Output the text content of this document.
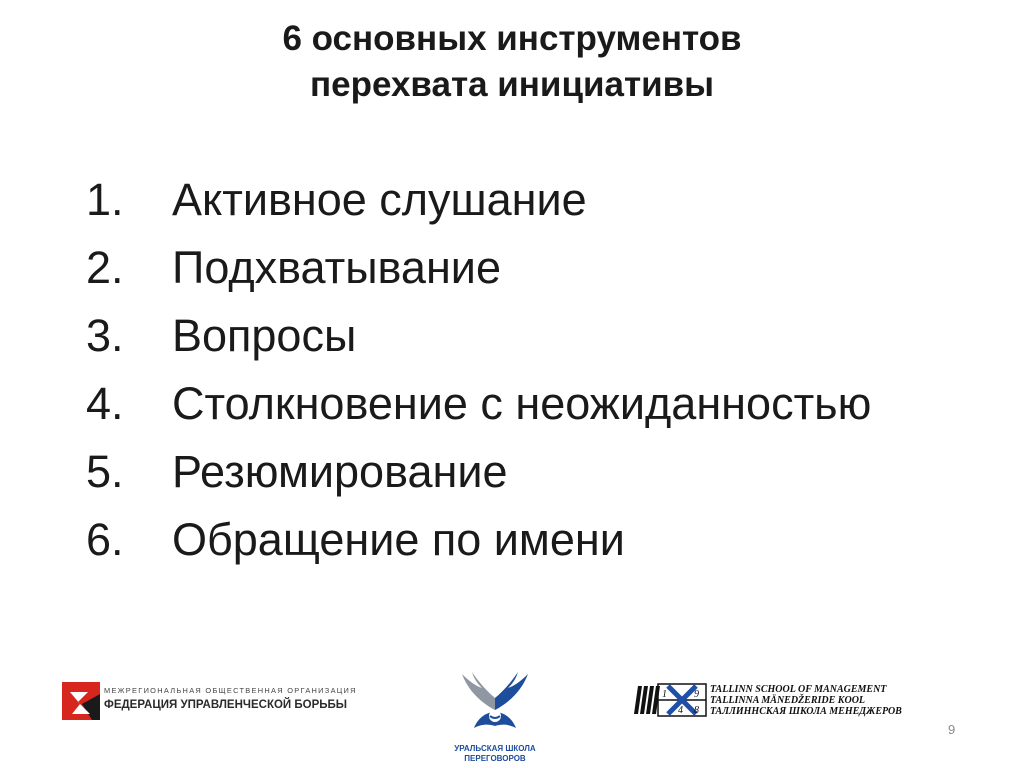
6 основных инструментов
перехвата инициативы
1.	Активное слушание
2.	Подхватывание
3.	Вопросы
4.	Столкновение с неожиданностью
5.	Резюмирование
6.	Обращение по имени
МЕЖРЕГИОНАЛЬНАЯ ОБЩЕСТВЕННАЯ ОРГАНИЗАЦИЯ
ФЕДЕРАЦИЯ УПРАВЛЕНЧЕСКОЙ БОРЬБЫ
УРАЛЬСКАЯ ШКОЛА
ПЕРЕГОВОРОВ
1	9
4 8
TALLINN SCHOOL OF MANAGEMENT
TALLINNA MÄNEDŽERIDE KOOL
ТАЛЛИННСКАЯ ШКОЛА МЕНЕДЖЕРОВ
9
